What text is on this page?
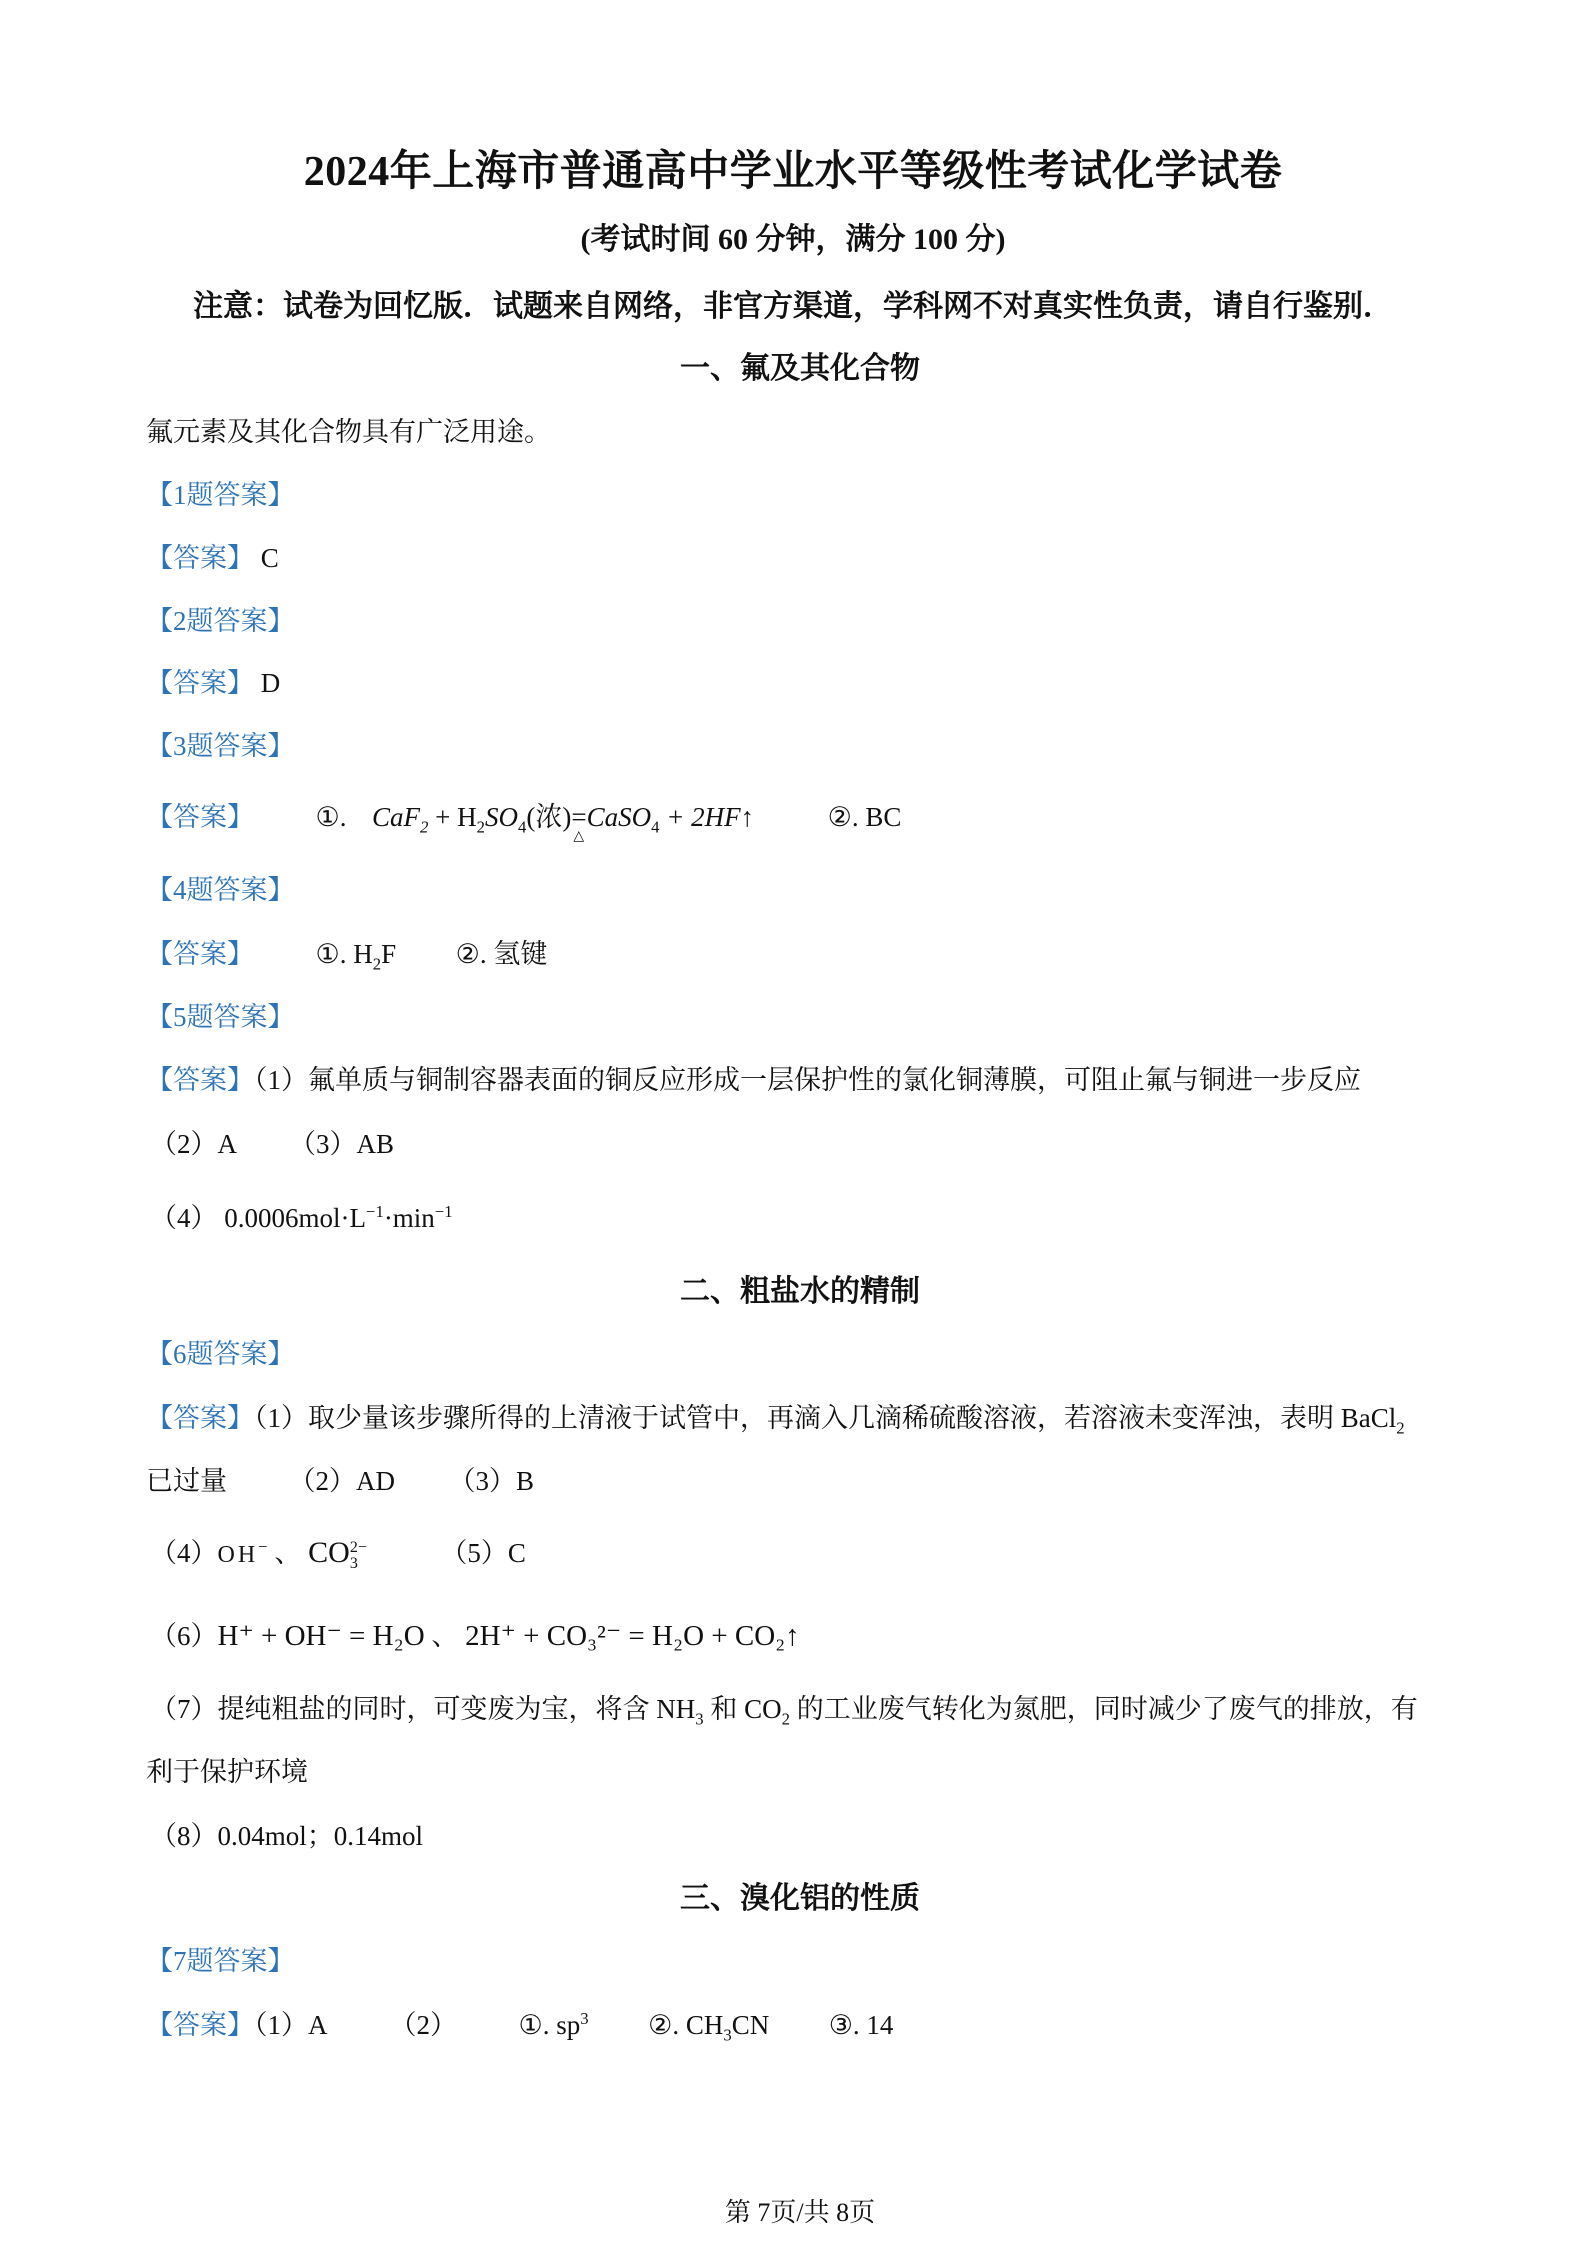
2024年上海市普通高中学业水平等级性考试化学试卷
(考试时间 60 分钟，满分 100 分)
注意：试卷为回忆版．试题来自网络，非官方渠道，学科网不对真实性负责，请自行鉴别．
一、氟及其化合物
氟元素及其化合物具有广泛用途。
【1题答案】
【答案】 C
【2题答案】
【答案】 D
【3题答案】
【答案】 ①. $CaF_2 + H_2SO_4$(浓)=
△
CaSO$_4$ + 2HF↑	②. BC
【4题答案】
【答案】 ①. $H_2F$ ②. 氢键
【5题答案】
【答案】（1）氟单质与铜制容器表面的铜反应形成一层保护性的氯化铜薄膜，可阻止氟与铜进一步反应
（2）A （3）AB
（4） $0.0006mol\cdot L^{-1}\cdot\min^{-1}$
二、粗盐水的精制
【6题答案】
【答案】（1）取少量该步骤所得的上清液于试管中，再滴入几滴稀硫酸溶液，若溶液未变浑浊，表明 BaCl$_2$
已过量 （2）AD （3）B
（4）OH− 、 CO 2−
3	（5）C
（6）H⁺ + OH⁻ = H₂O 、 2H⁺ + CO₃²⁻ = H₂O + CO₂↑
（7）提纯粗盐的同时，可变废为宝，将含 $NH_3$ 和 $CO_2$ 的工业废气转化为氮肥，同时减少了废气的排放，有
利于保护环境
（8）0.04mol；0.14mol
三、溴化铝的性质
【7题答案】
【答案】（1）A （2） ①. $sp^3$ ②. $CH_3CN$ ③. 14
第 7页/共 8页
